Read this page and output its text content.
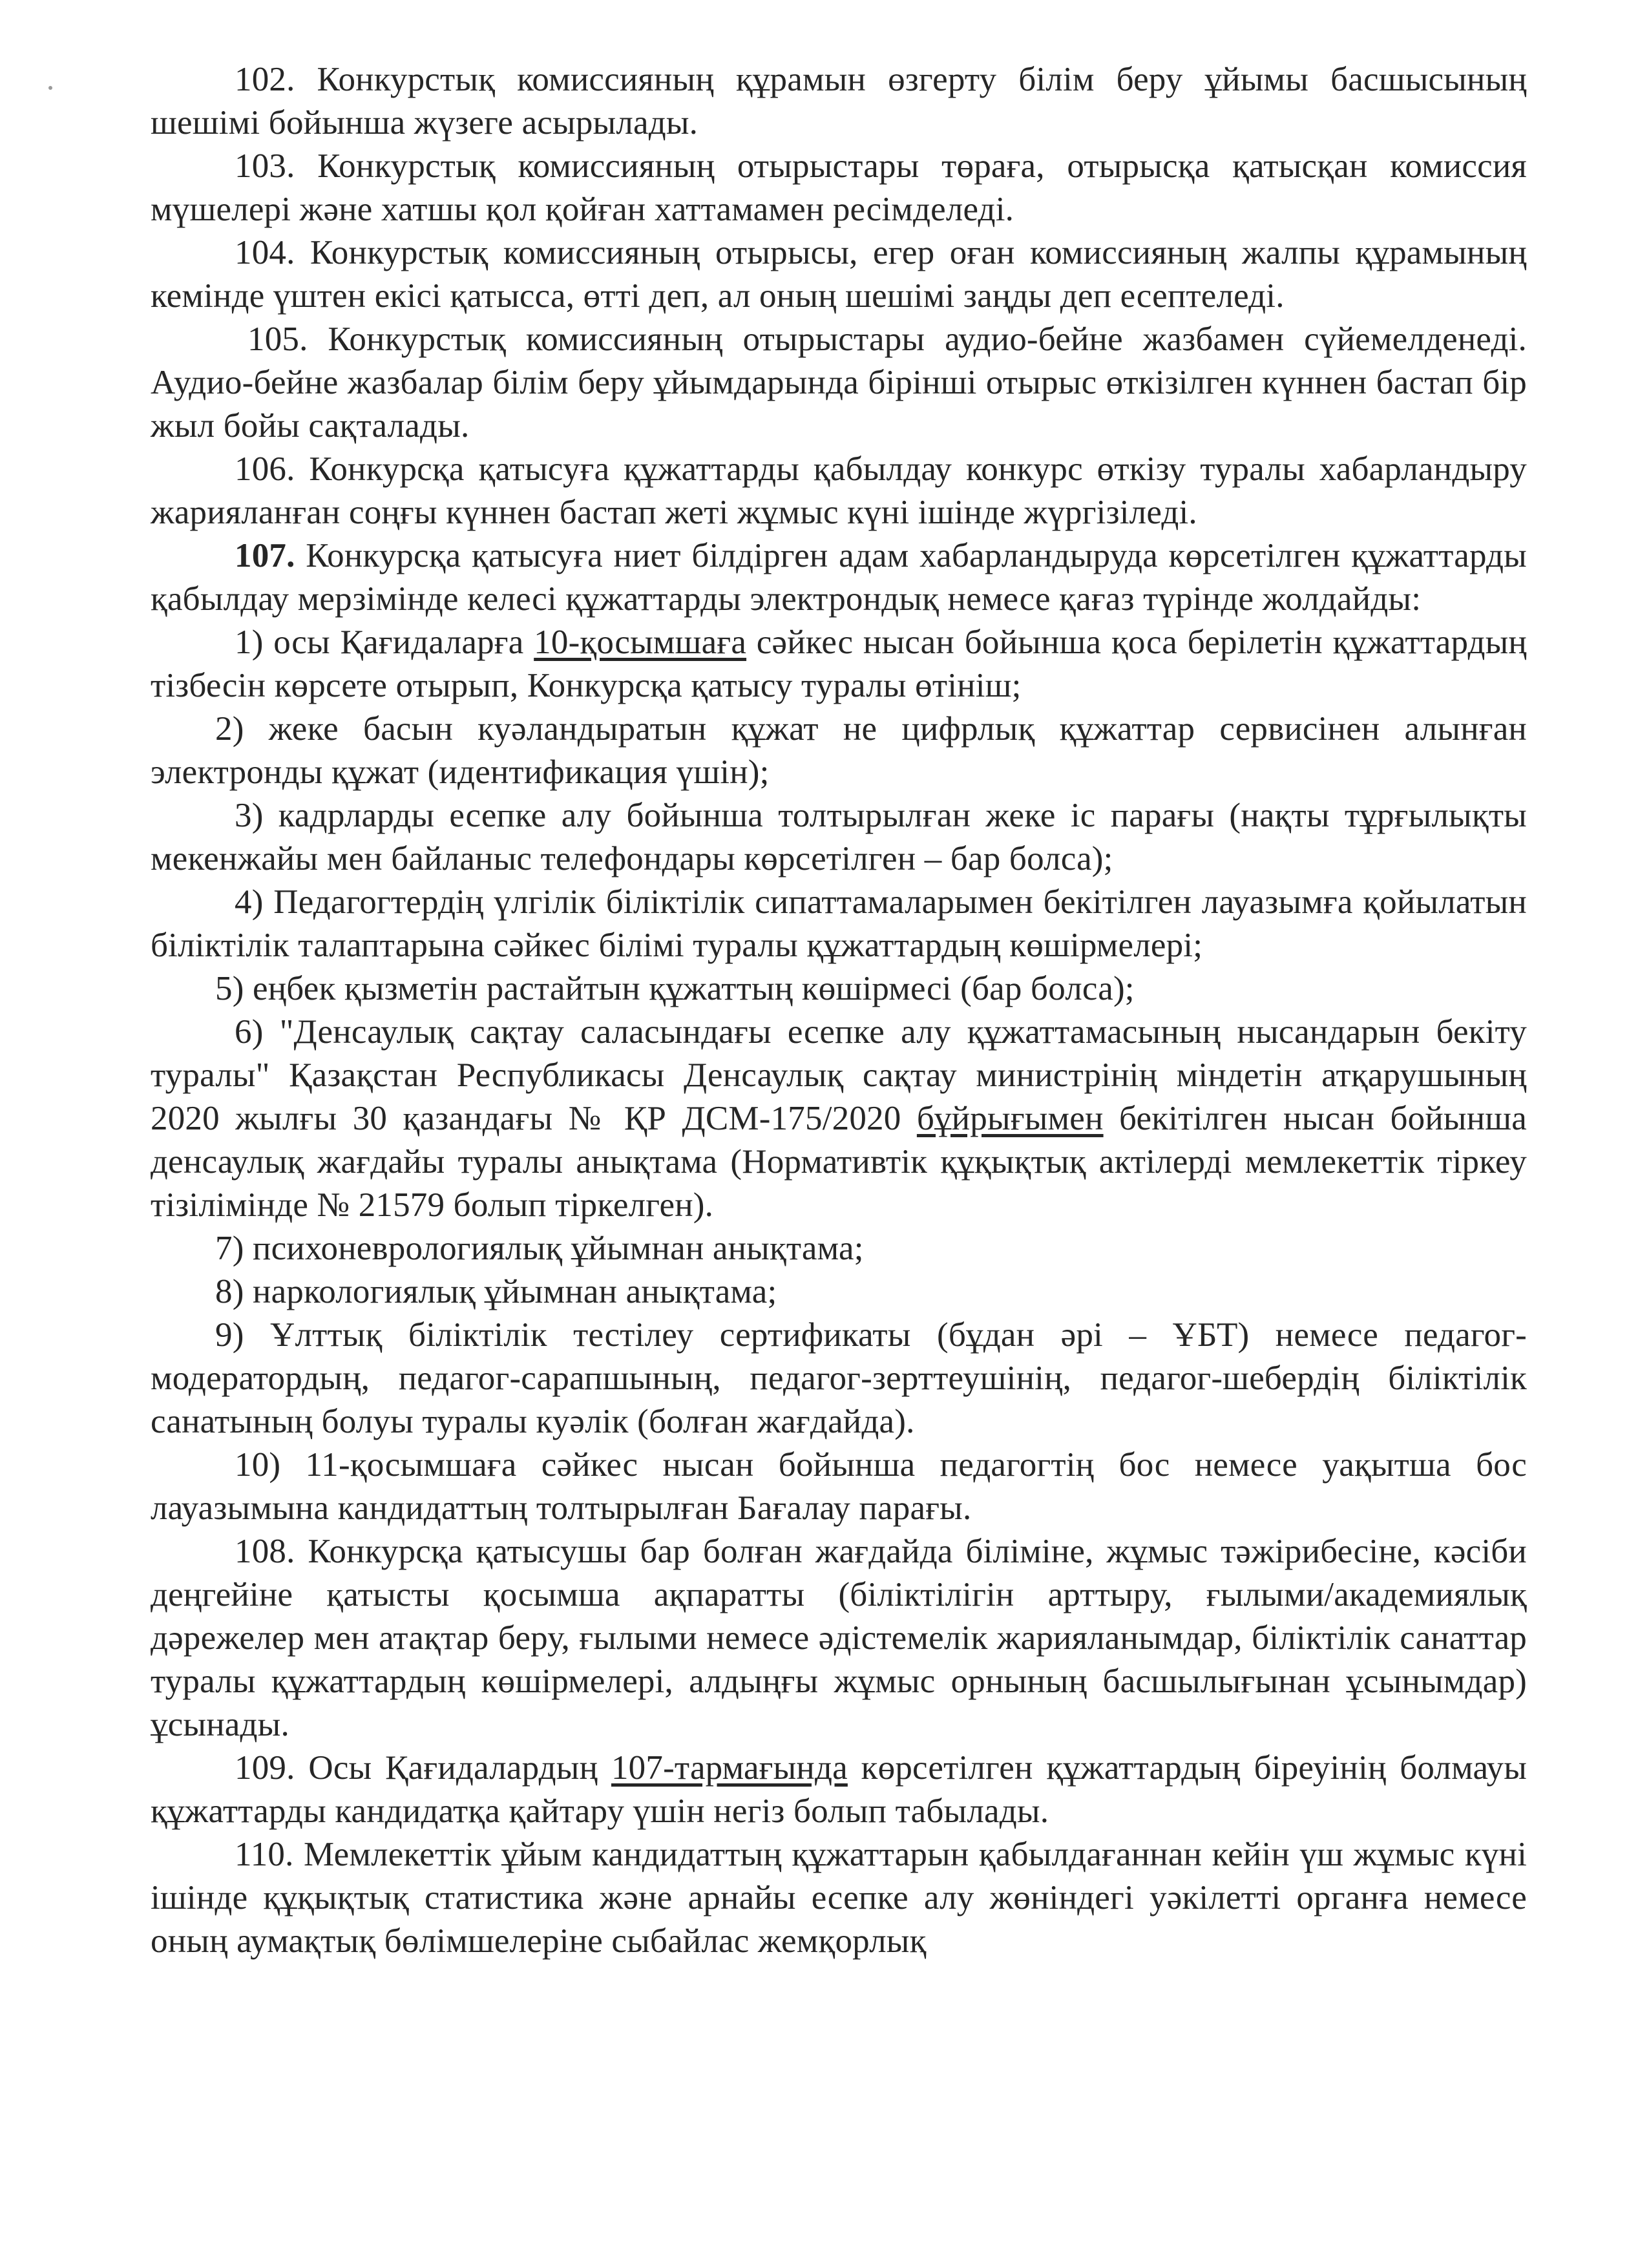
102. Конкурстық комиссияның құрамын өзгерту білім беру ұйымы басшысының шешімі бойынша жүзеге асырылады.

103. Конкурстық комиссияның отырыстары төраға, отырысқа қатысқан комиссия мүшелері және хатшы қол қойған хаттамамен ресімделеді.

104. Конкурстық комиссияның отырысы, егер оған комиссияның жалпы құрамының кемінде үштен екісі қатысса, өтті деп, ал оның шешімі заңды деп есептеледі.

105. Конкурстық комиссияның отырыстары аудио-бейне жазбамен сүйемелденеді. Аудио-бейне жазбалар білім беру ұйымдарында бірінші отырыс өткізілген күннен бастап бір жыл бойы сақталады.

106. Конкурсқа қатысуға құжаттарды қабылдау конкурс өткізу туралы хабарландыру жарияланған соңғы күннен бастап жеті жұмыс күні ішінде жүргізіледі.

107. Конкурсқа қатысуға ниет білдірген адам хабарландыруда көрсетілген құжаттарды қабылдау мерзімінде келесі құжаттарды электрондық немесе қағаз түрінде жолдайды:

1) осы Қағидаларға 10-қосымшаға сәйкес нысан бойынша қоса берілетін құжаттардың тізбесін көрсете отырып, Конкурсқа қатысу туралы өтініш;

2) жеке басын куәландыратын құжат не цифрлық құжаттар сервисінен алынған электронды құжат (идентификация үшін);

3) кадрларды есепке алу бойынша толтырылған жеке іс парағы (нақты тұрғылықты мекенжайы мен байланыс телефондары көрсетілген – бар болса);

4) Педагогтердің үлгілік біліктілік сипаттамаларымен бекітілген лауазымға қойылатын біліктілік талаптарына сәйкес білімі туралы құжаттардың көшірмелері;

5) еңбек қызметін растайтын құжаттың көшірмесі (бар болса);

6) "Денсаулық сақтау саласындағы есепке алу құжаттамасының нысандарын бекіту туралы" Қазақстан Республикасы Денсаулық сақтау министрінің міндетін атқарушының 2020 жылғы 30 қазандағы № ҚР ДСМ-175/2020 бұйрығымен бекітілген нысан бойынша денсаулық жағдайы туралы анықтама (Нормативтік құқықтық актілерді мемлекеттік тіркеу тізілімінде № 21579 болып тіркелген).

7) психоневрологиялық ұйымнан анықтама;

8) наркологиялық ұйымнан анықтама;

9) Ұлттық біліктілік тестілеу сертификаты (бұдан әрі – ҰБТ) немесе педагог-модератордың, педагог-сарапшының, педагог-зерттеушінің, педагог-шебердің біліктілік санатының болуы туралы куәлік (болған жағдайда).

10) 11-қосымшаға сәйкес нысан бойынша педагогтің бос немесе уақытша бос лауазымына кандидаттың толтырылған Бағалау парағы.

108. Конкурсқа қатысушы бар болған жағдайда біліміне, жұмыс тәжірибесіне, кәсіби деңгейіне қатысты қосымша ақпаратты (біліктілігін арттыру, ғылыми/академиялық дәрежелер мен атақтар беру, ғылыми немесе әдістемелік жарияланымдар, біліктілік санаттар туралы құжаттардың көшірмелері, алдыңғы жұмыс орнының басшылығынан ұсынымдар) ұсынады.

109. Осы Қағидалардың 107-тармағында көрсетілген құжаттардың біреуінің болмауы құжаттарды кандидатқа қайтару үшін негіз болып табылады.

110. Мемлекеттік ұйым кандидаттың құжаттарын қабылдағаннан кейін үш жұмыс күні ішінде құқықтық статистика және арнайы есепке алу жөніндегі уәкілетті органға немесе оның аумақтық бөлімшелеріне сыбайлас жемқорлық
